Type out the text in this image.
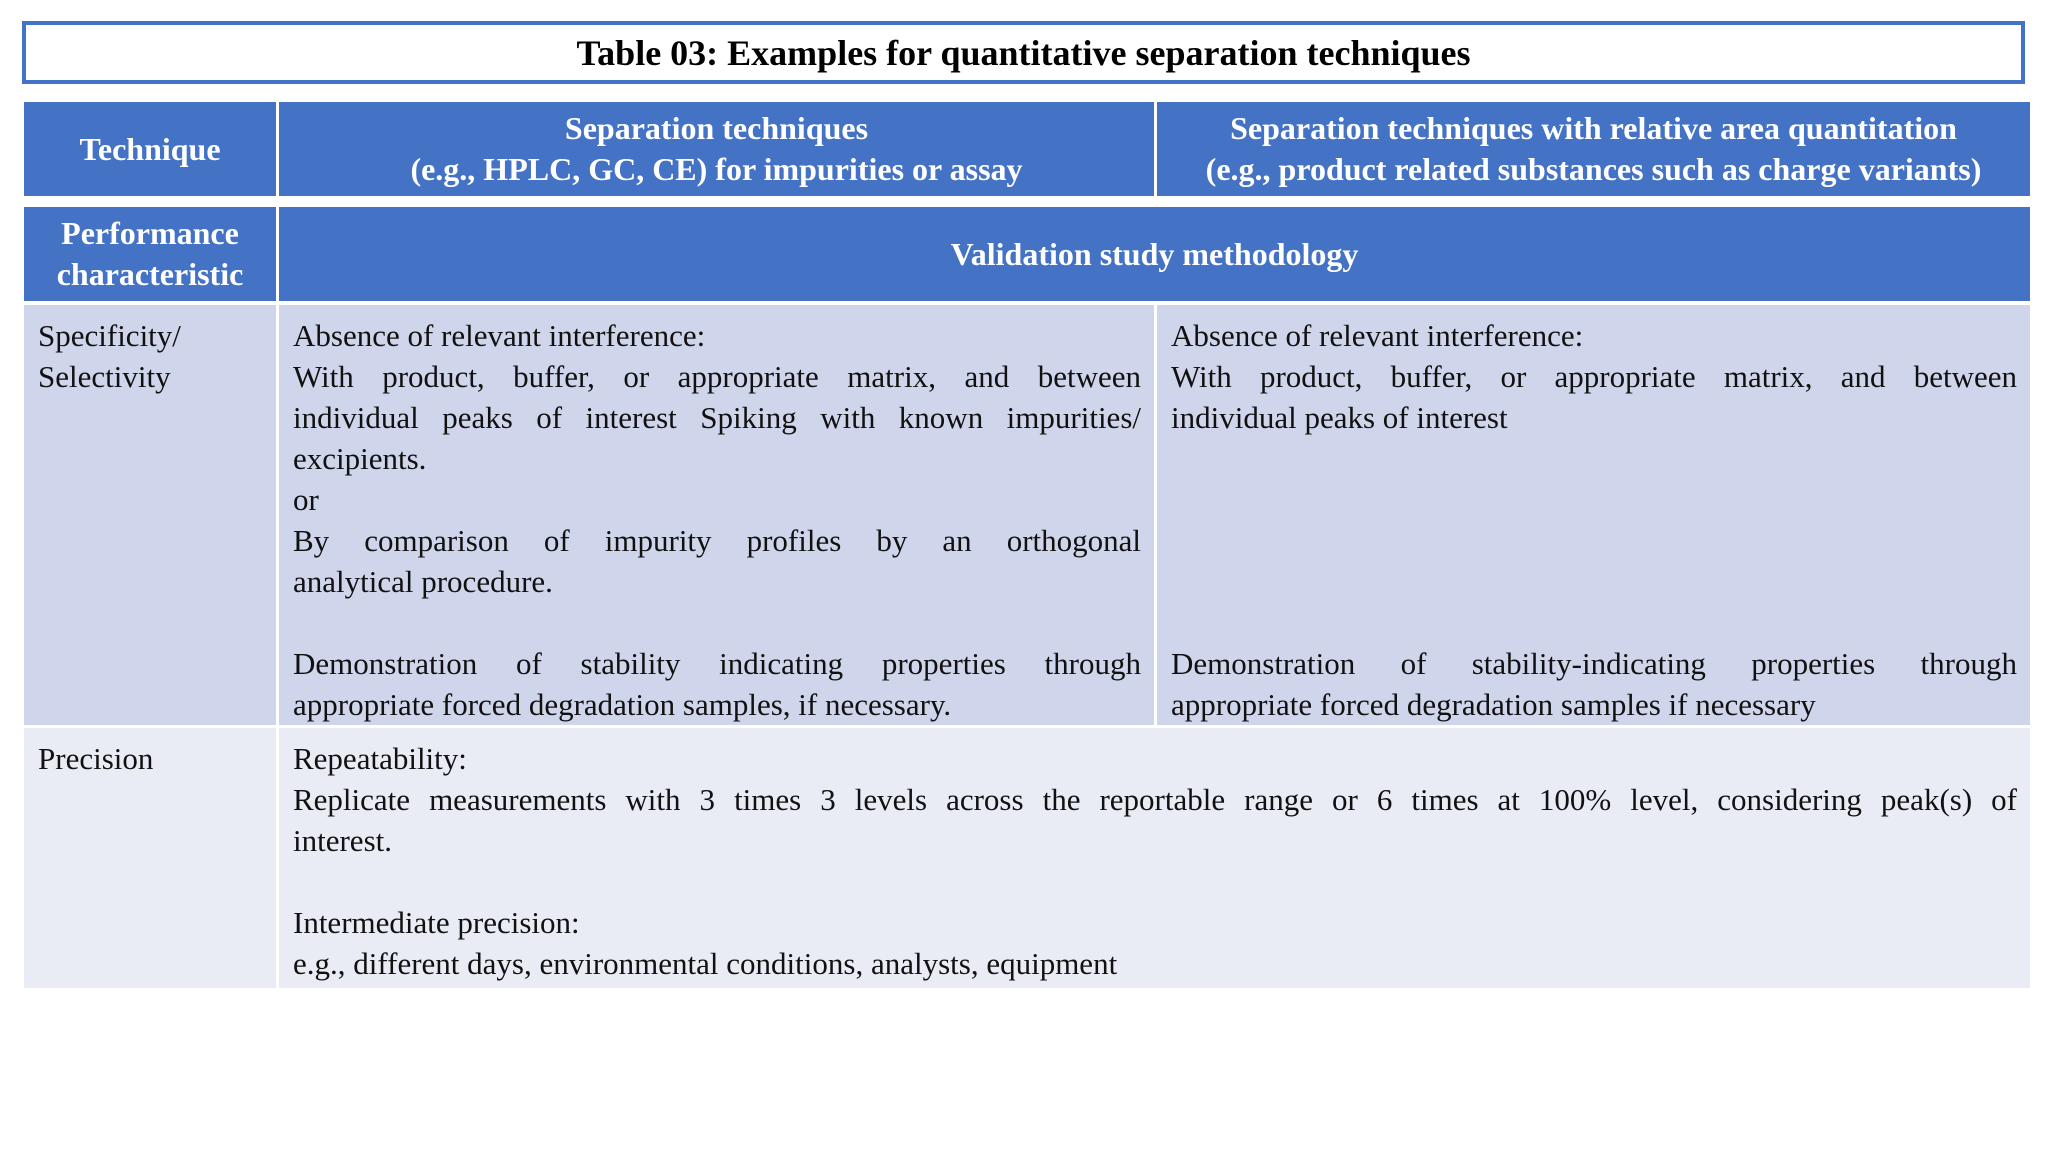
Table 03: Examples for quantitative separation techniques
Technique
Separation techniques
(e.g., HPLC, GC, CE) for impurities or assay
Separation techniques with relative area quantitation
(e.g., product related substances such as charge variants)
Performance
characteristic
Validation study methodology
Specificity/
Selectivity
Absence of relevant interference:
With product, buffer, or appropriate matrix, and between
individual peaks of interest Spiking with known impurities/
excipients.
or
By comparison of impurity profiles by an orthogonal
analytical procedure.
Demonstration of stability indicating properties through
appropriate forced degradation samples, if necessary.
Absence of relevant interference:
With product, buffer, or appropriate matrix, and between
individual peaks of interest
Demonstration of stability-indicating properties through
appropriate forced degradation samples if necessary
Precision	Repeatability:
Replicate measurements with 3 times 3 levels across the reportable range or 6 times at 100% level, considering peak(s) of
interest.
Intermediate precision:
e.g., different days, environmental conditions, analysts, equipment
